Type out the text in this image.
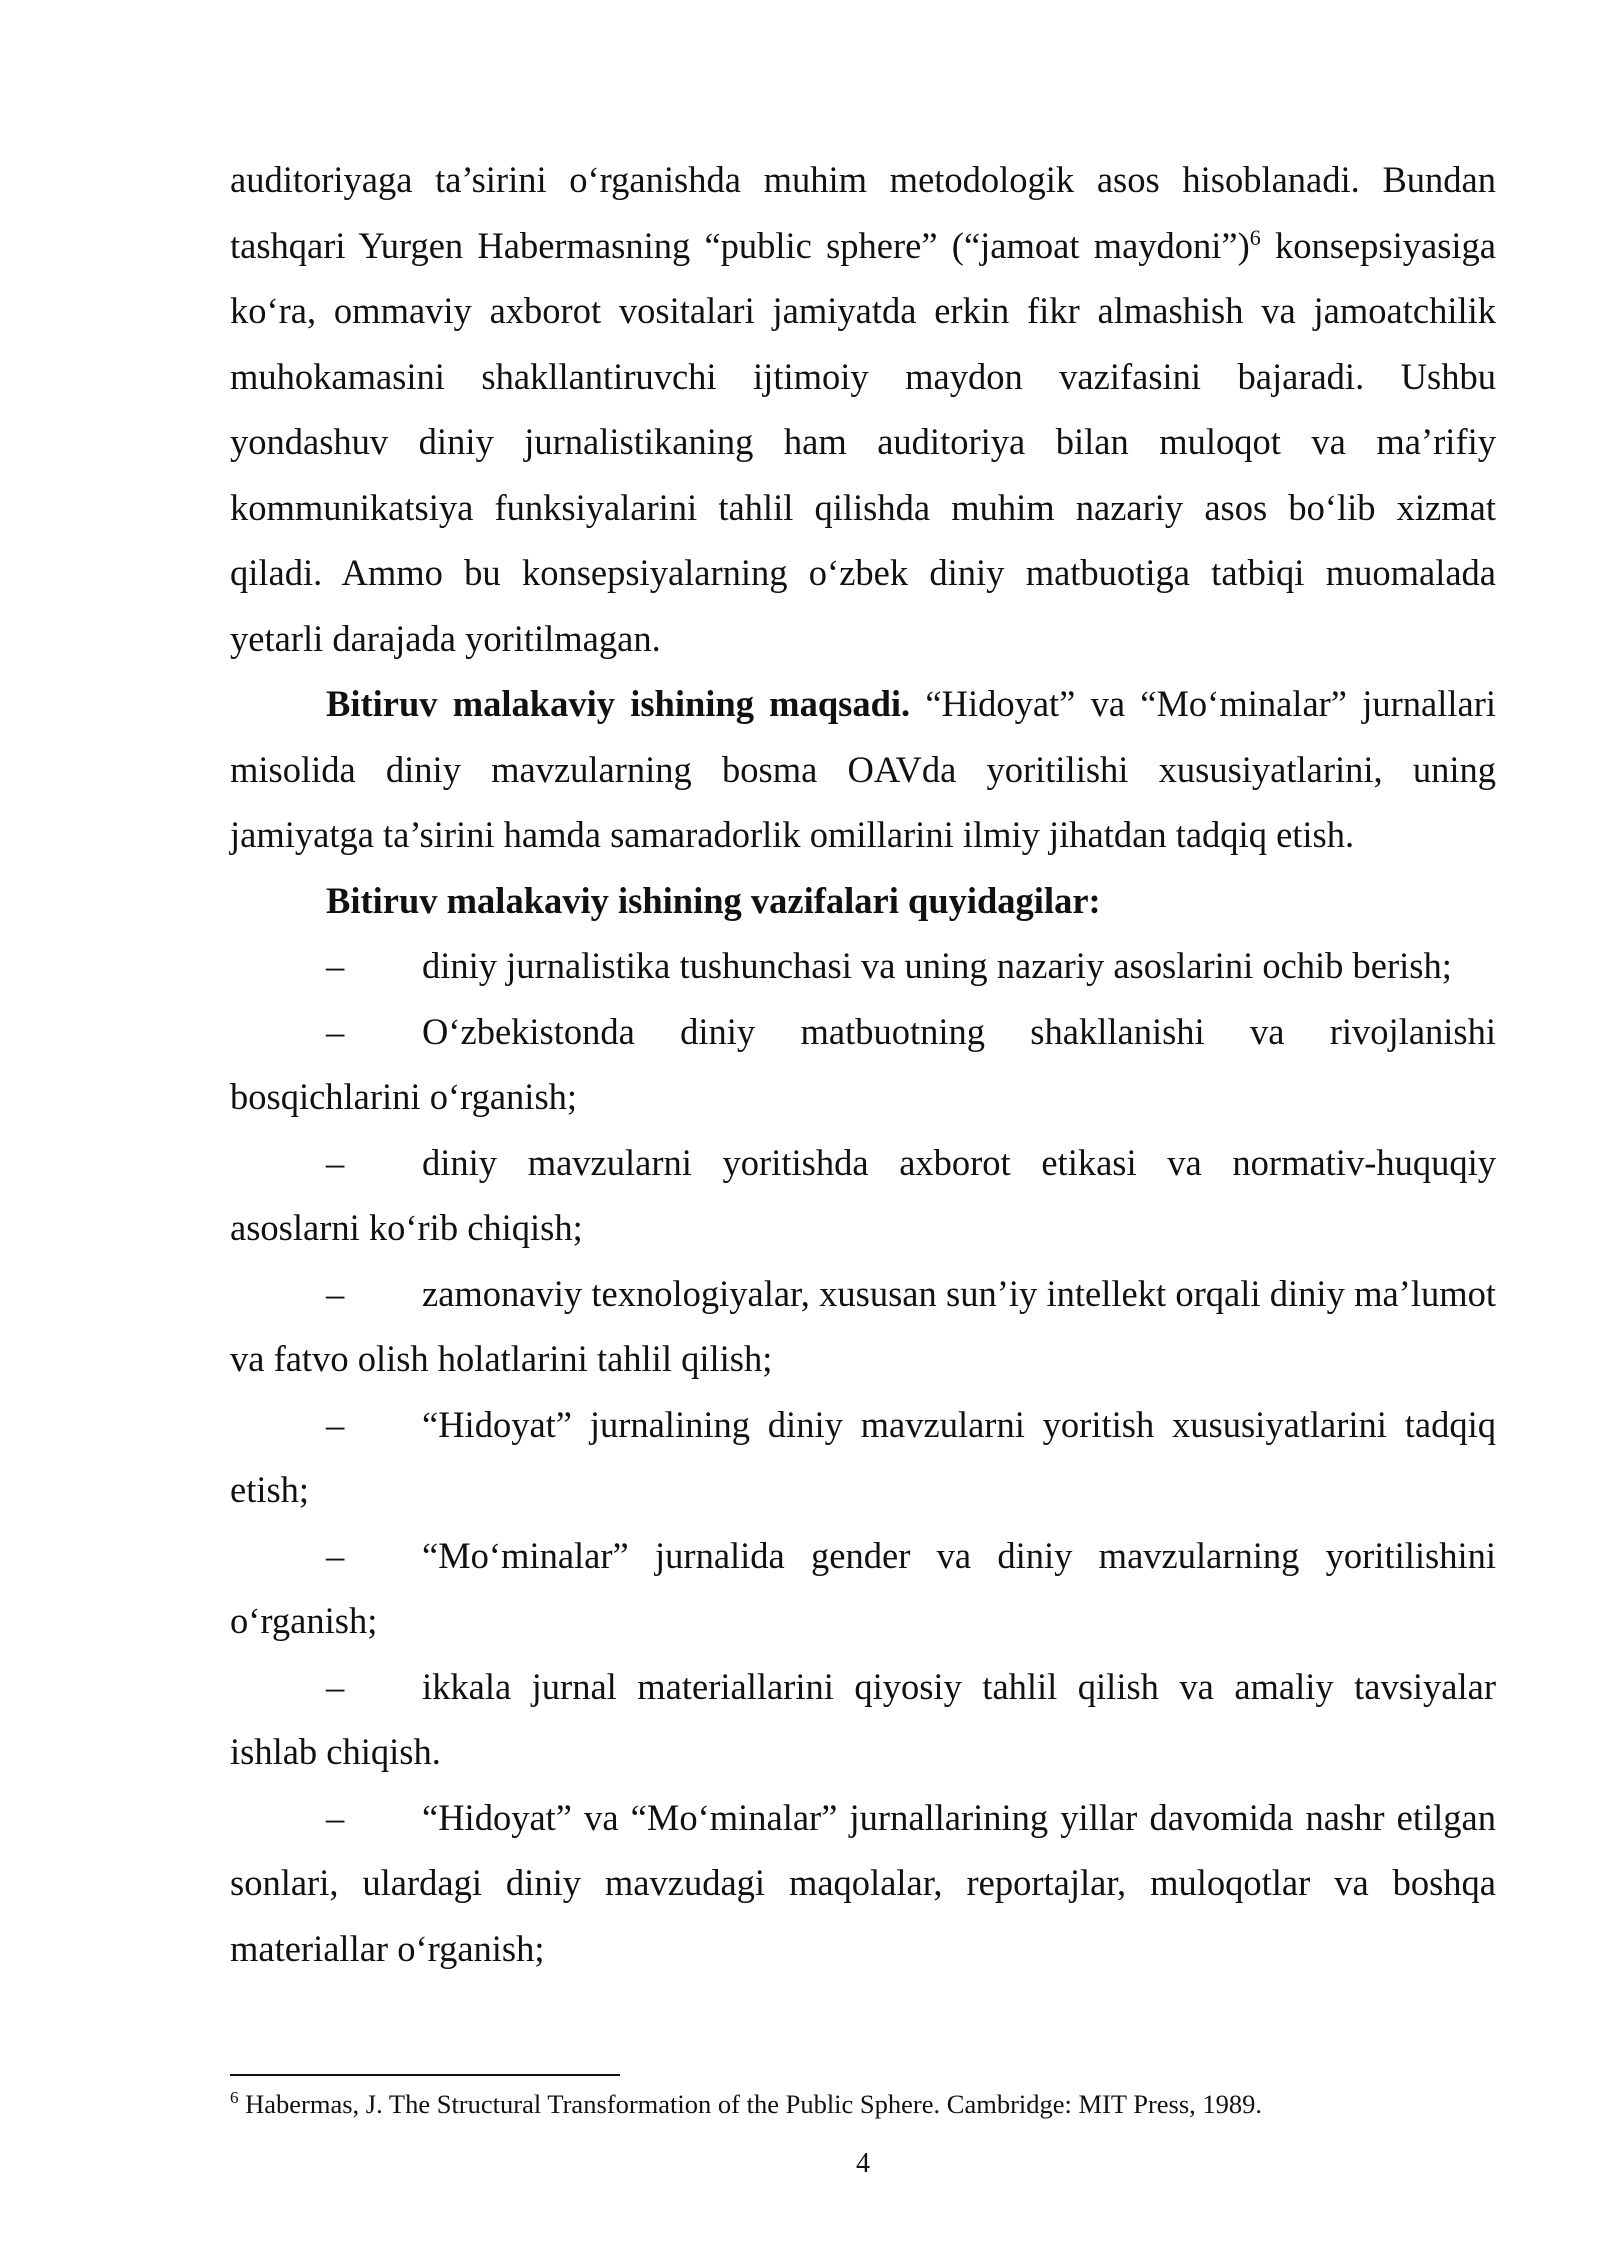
auditoriyaga ta’sirini o‘rganishda muhim metodologik asos hisoblanadi. Bundan tashqari Yurgen Habermasning “public sphere” (“jamoat maydoni”)$^6$ konsepsiyasiga ko‘ra, ommaviy axborot vositalari jamiyatda erkin fikr almashish va jamoatchilik muhokamasini shakllantiruvchi ijtimoiy maydon vazifasini bajaradi. Ushbu yondashuv diniy jurnalistikaning ham auditoriya bilan muloqot va ma’rifiy kommunikatsiya funksiyalarini tahlil qilishda muhim nazariy asos bo‘lib xizmat qiladi. Ammo bu konsepsiyalarning o‘zbek diniy matbuotiga tatbiqi muomalada yetarli darajada yoritilmagan.

Bitiruv malakaviy ishining maqsadi. “Hidoyat” va “Mo‘minalar” jurnallari misolida diniy mavzularning bosma OAVda yoritilishi xususiyatlarini, uning jamiyatga ta’sirini hamda samaradorlik omillarini ilmiy jihatdan tadqiq etish.

Bitiruv malakaviy ishining vazifalari quyidagilar:

– diniy jurnalistika tushunchasi va uning nazariy asoslarini ochib berish;

– O‘zbekistonda diniy matbuotning shakllanishi va rivojlanishi bosqichlarini o‘rganish;

– diniy mavzularni yoritishda axborot etikasi va normativ-huquqiy asoslarni ko‘rib chiqish;

– zamonaviy texnologiyalar, xususan sun’iy intellekt orqali diniy ma’lumot va fatvo olish holatlarini tahlil qilish;

– “Hidoyat” jurnalining diniy mavzularni yoritish xususiyatlarini tadqiq etish;

– “Mo‘minalar” jurnalida gender va diniy mavzularning yoritilishini o‘rganish;

– ikkala jurnal materiallarini qiyosiy tahlil qilish va amaliy tavsiyalar ishlab chiqish.

– “Hidoyat” va “Mo‘minalar” jurnallarining yillar davomida nashr etilgan sonlari, ulardagi diniy mavzudagi maqolalar, reportajlar, muloqotlar va boshqa materiallar o‘rganish;

$^6$ Habermas, J. The Structural Transformation of the Public Sphere. Cambridge: MIT Press, 1989.
4
